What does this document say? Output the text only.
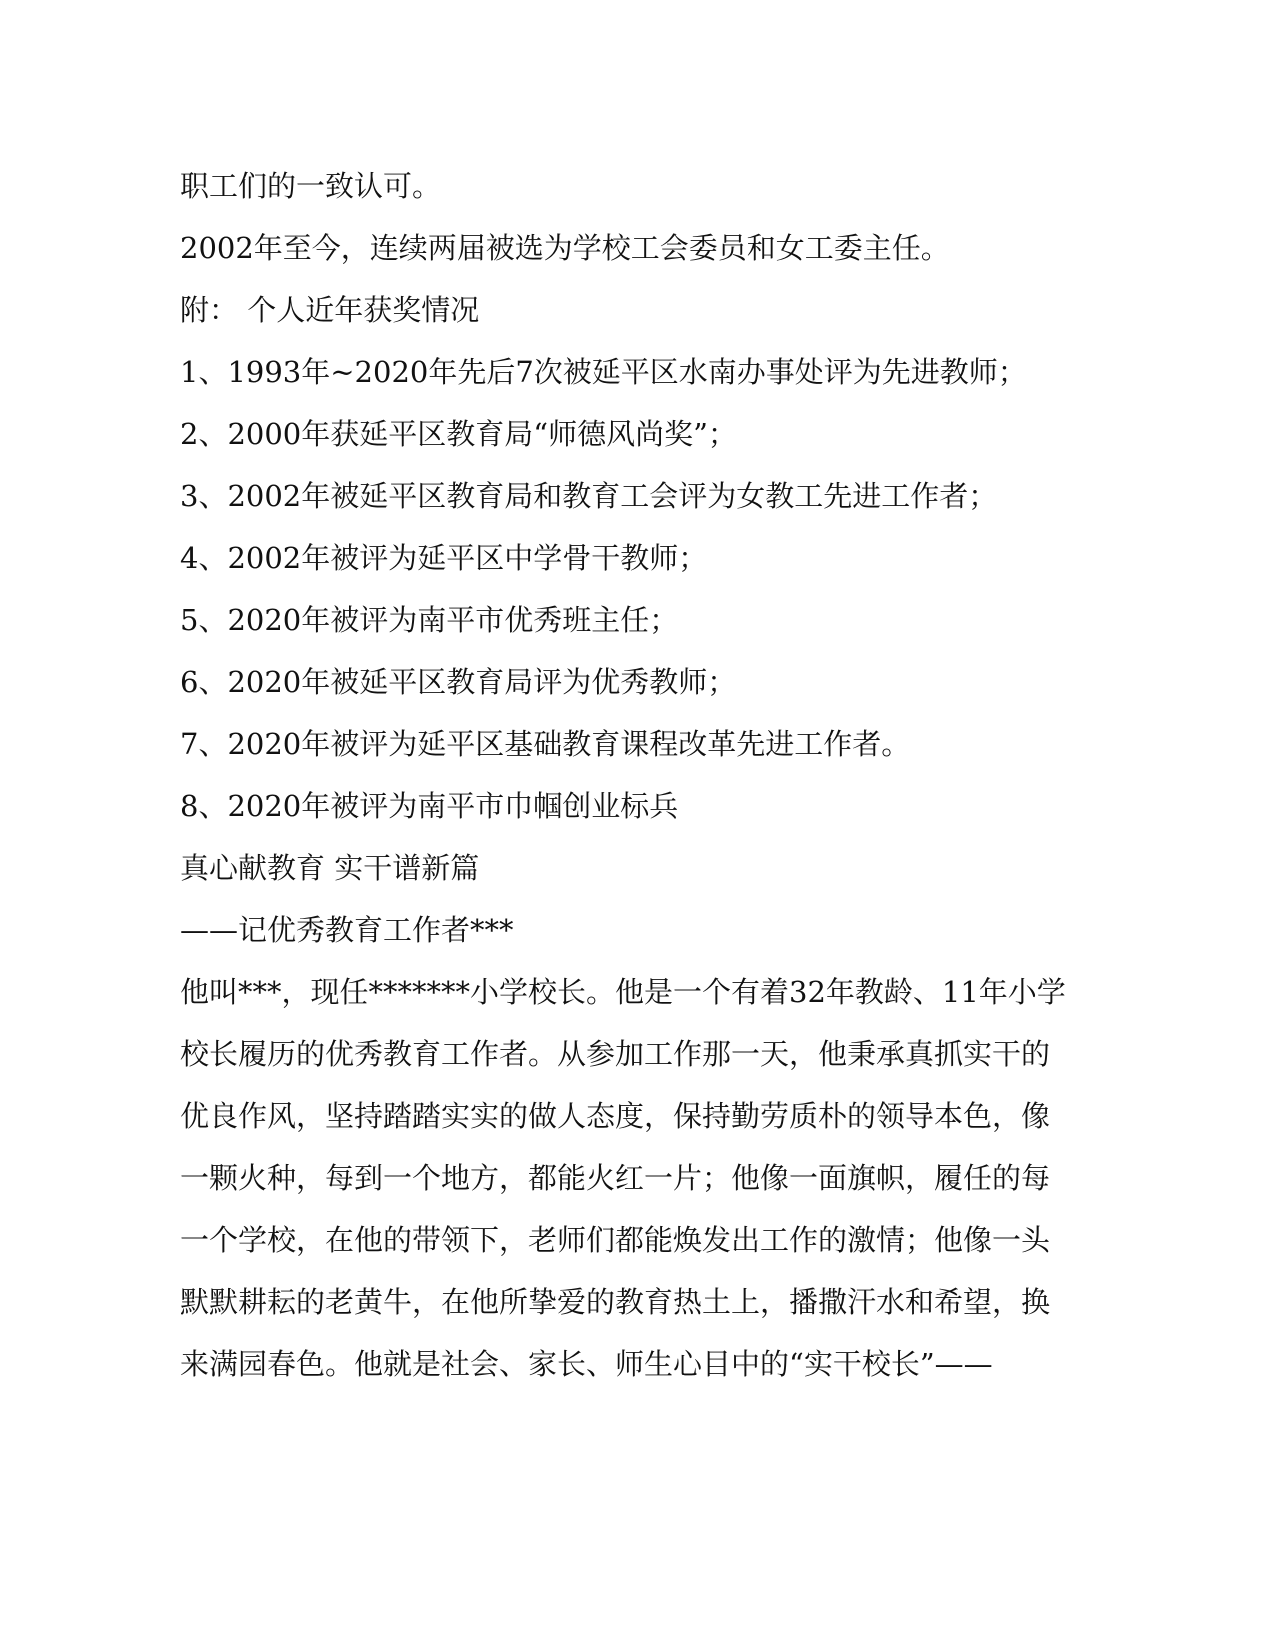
职工们的一致认可。
2002年至今，连续两届被选为学校工会委员和女工委主任。
附： 个人近年获奖情况
1、1993年~2020年先后7次被延平区水南办事处评为先进教师；
2、2000年获延平区教育局“师德风尚奖”；
3、2002年被延平区教育局和教育工会评为女教工先进工作者；
4、2002年被评为延平区中学骨干教师；
5、2020年被评为南平市优秀班主任；
6、2020年被延平区教育局评为优秀教师；
7、2020年被评为延平区基础教育课程改革先进工作者。
8、2020年被评为南平市巾帼创业标兵
真心献教育 实干谱新篇
——记优秀教育工作者***
他叫***，现任*******小学校长。他是一个有着32年教龄、11年小学
校长履历的优秀教育工作者。从参加工作那一天，他秉承真抓实干的
优良作风，坚持踏踏实实的做人态度，保持勤劳质朴的领导本色，像
一颗火种，每到一个地方，都能火红一片；他像一面旗帜，履任的每
一个学校，在他的带领下，老师们都能焕发出工作的激情；他像一头
默默耕耘的老黄牛，在他所挚爱的教育热土上，播撒汗水和希望，换
来满园春色。他就是社会、家长、师生心目中的“实干校长”——
